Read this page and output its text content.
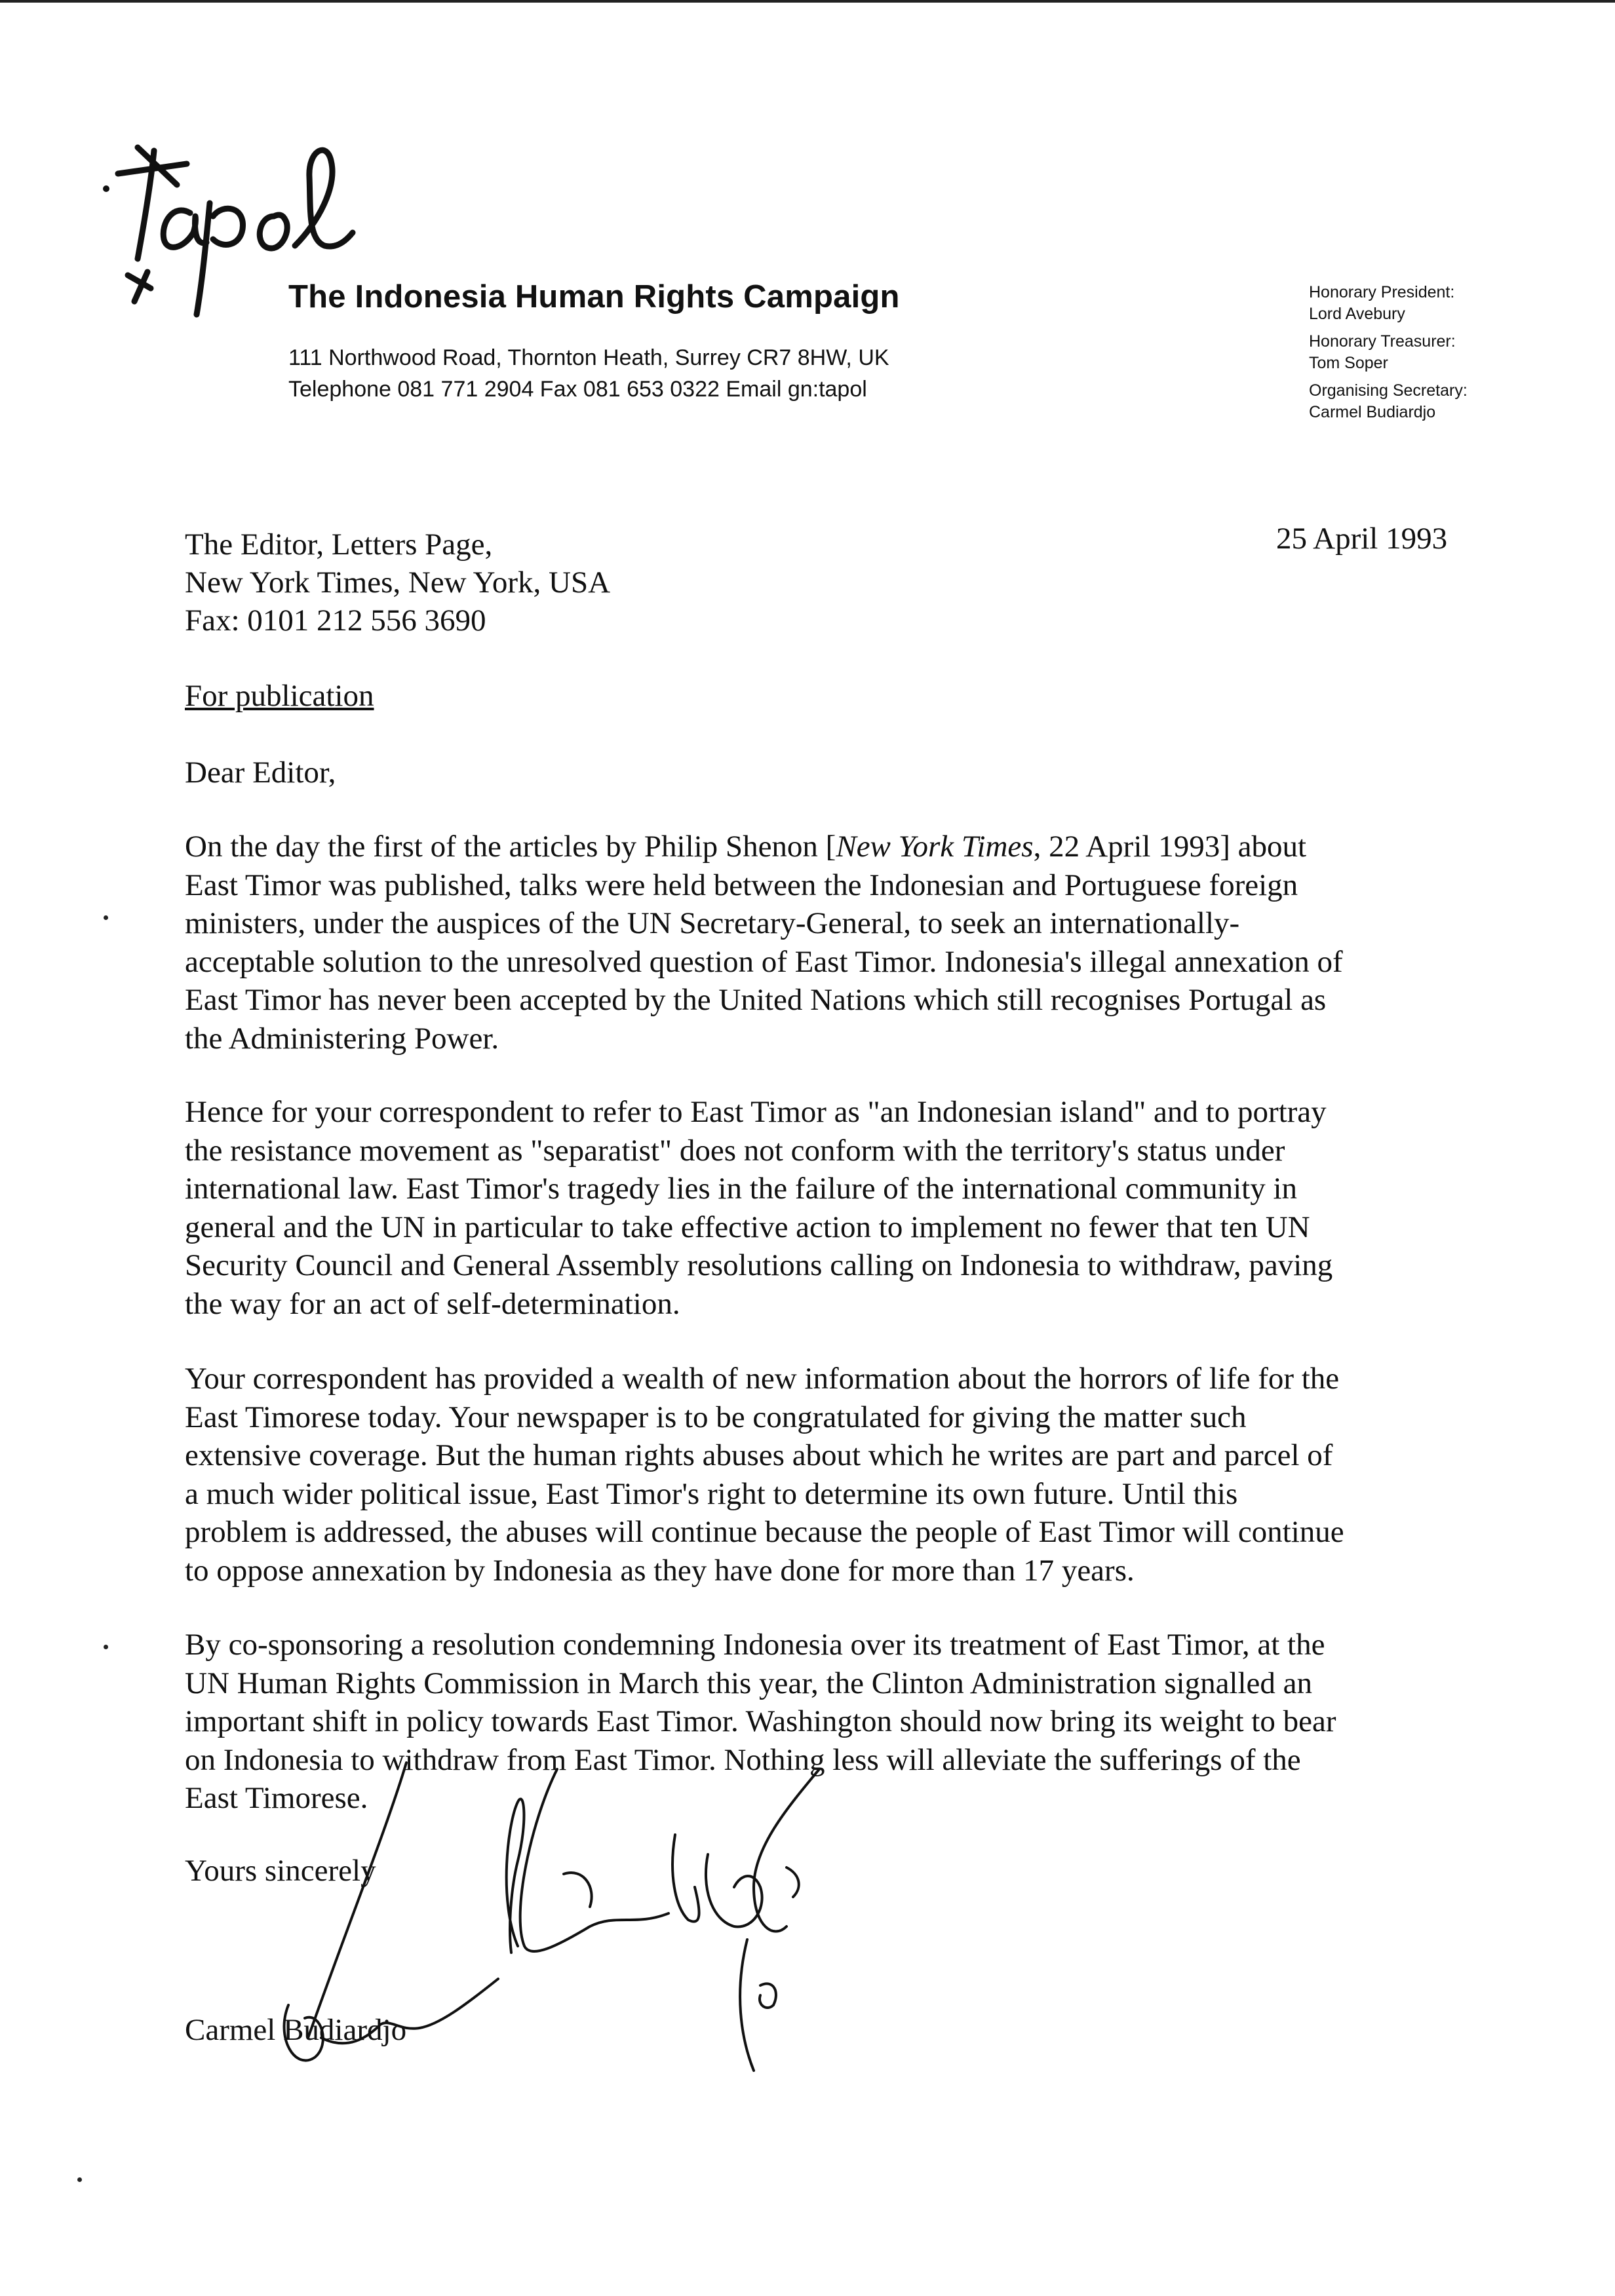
The Indonesia Human Rights Campaign
111 Northwood Road, Thornton Heath, Surrey CR7 8HW, UK
Telephone 081 771 2904 Fax 081 653 0322 Email gn:tapol
Honorary President:
Lord Avebury
Honorary Treasurer:
Tom Soper
Organising Secretary:
Carmel Budiardjo
The Editor, Letters Page,
New York Times, New York, USA
Fax: 0101 212 556 3690
25 April 1993
For publication
Dear Editor,

On the day the first of the articles by Philip Shenon [New York Times, 22 April 1993] about
East Timor was published, talks were held between the Indonesian and Portuguese foreign
ministers, under the auspices of the UN Secretary-General, to seek an internationally-
acceptable solution to the unresolved question of East Timor. Indonesia's illegal annexation of
East Timor has never been accepted by the United Nations which still recognises Portugal as
the Administering Power.

Hence for your correspondent to refer to East Timor as "an Indonesian island" and to portray
the resistance movement as "separatist" does not conform with the territory's status under
international law. East Timor's tragedy lies in the failure of the international community in
general and the UN in particular to take effective action to implement no fewer that ten UN
Security Council and General Assembly resolutions calling on Indonesia to withdraw, paving
the way for an act of self-determination.

Your correspondent has provided a wealth of new information about the horrors of life for the
East Timorese today. Your newspaper is to be congratulated for giving the matter such
extensive coverage. But the human rights abuses about which he writes are part and parcel of
a much wider political issue, East Timor's right to determine its own future. Until this
problem is addressed, the abuses will continue because the people of East Timor will continue
to oppose annexation by Indonesia as they have done for more than 17 years.

By co-sponsoring a resolution condemning Indonesia over its treatment of East Timor, at the
UN Human Rights Commission in March this year, the Clinton Administration signalled an
important shift in policy towards East Timor. Washington should now bring its weight to bear
on Indonesia to withdraw from East Timor. Nothing less will alleviate the sufferings of the
East Timorese.

Yours sincerely
Carmel Budiardjo
